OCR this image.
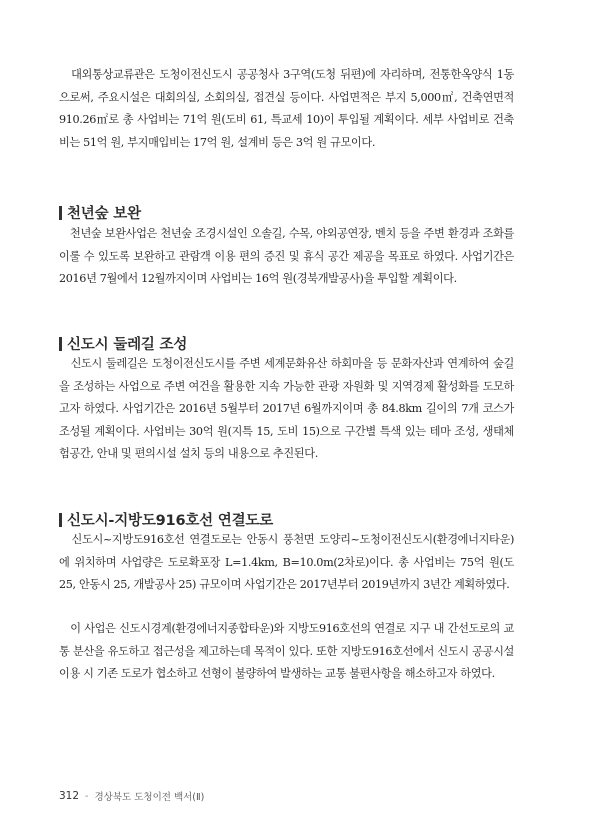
　대외통상교류관은 도청이전신도시 공공청사 3구역(도청 뒤편)에 자리하며, 전통한옥양식 1동으로써, 주요시설은 대회의실, 소회의실, 접견실 등이다. 사업면적은 부지 5,000㎡, 건축연면적 910.26㎡로 총 사업비는 71억 원(도비 61, 특교세 10)이 투입될 계획이다. 세부 사업비로 건축비는 51억 원, 부지매입비는 17억 원, 설계비 등은 3억 원 규모이다.

천년숲 보완

　천년숲 보완사업은 천년숲 조경시설인 오솔길, 수목, 야외공연장, 벤치 등을 주변 환경과 조화를 이룰 수 있도록 보완하고 관람객 이용 편의 증진 및 휴식 공간 제공을 목표로 하였다. 사업기간은 2016년 7월에서 12월까지이며 사업비는 16억 원(경북개발공사)을 투입할 계획이다.

신도시 둘레길 조성

　신도시 둘레길은 도청이전신도시를 주변 세계문화유산 하회마을 등 문화자산과 연계하여 숲길을 조성하는 사업으로 주변 여건을 활용한 지속 가능한 관광 자원화 및 지역경제 활성화를 도모하고자 하였다. 사업기간은 2016년 5월부터 2017년 6월까지이며 총 84.8km 길이의 7개 코스가 조성될 계획이다. 사업비는 30억 원(지특 15, 도비 15)으로 구간별 특색 있는 테마 조성, 생태체험공간, 안내 및 편의시설 설치 등의 내용으로 추진된다.

신도시-지방도916호선 연결도로

　신도시~지방도916호선 연결도로는 안동시 풍천면 도양리~도청이전신도시(환경에너지타운)에 위치하며 사업량은 도로확포장 L=1.4km, B=10.0m(2차로)이다. 총 사업비는 75억 원(도 25, 안동시 25, 개발공사 25) 규모이며 사업기간은 2017년부터 2019년까지 3년간 계획하였다.

　이 사업은 신도시경계(환경에너지종합타운)와 지방도916호선의 연결로 지구 내 간선도로의 교통 분산을 유도하고 접근성을 제고하는데 목적이 있다. 또한 지방도916호선에서 신도시 공공시설 이용 시 기존 도로가 협소하고 선형이 불량하여 발생하는 교통 불편사항을 해소하고자 하였다.

312 - 경상북도 도청이전 백서(Ⅱ)
